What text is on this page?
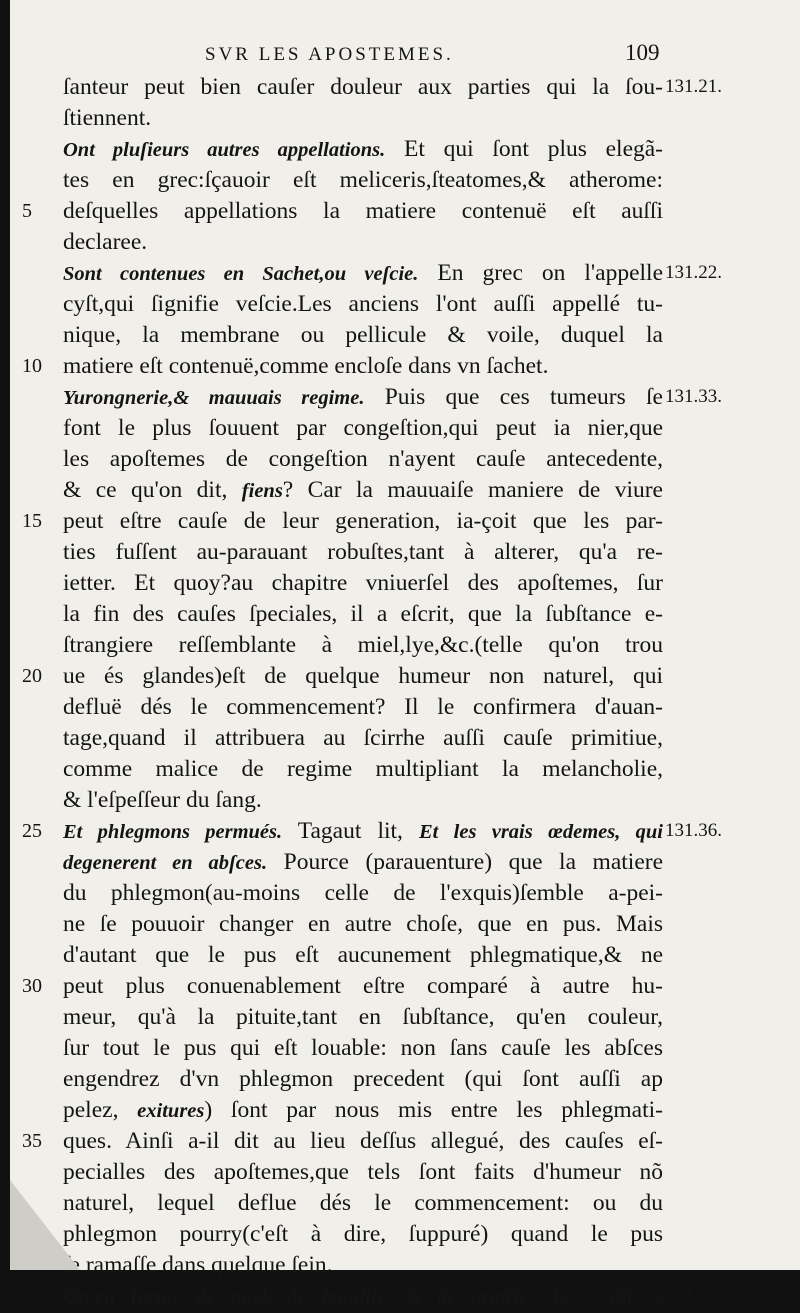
SVR LES APOSTEMES.	109
ſanteur peut bien cauſer douleur aux parties qui la ſou-
ſtiennent.
Ont pluſieurs autres appellations. Et qui ſont plus elegã-
tes en grec:ſçauoir eſt meliceris,ſteatomes,& atherome:
deſquelles appellations la matiere contenuë eſt auſſi
declaree.
Sont contenues en Sachet,ou veſcie. En grec on l'appelle
cyſt,qui ſignifie veſcie.Les anciens l'ont auſſi appellé tu-
nique, la membrane ou pellicule & voile, duquel la
matiere eſt contenuë,comme encloſe dans vn ſachet.
Yurongnerie,& mauuais regime. Puis que ces tumeurs ſe
font le plus ſouuent par congeſtion,qui peut ia nier,que
les apoſtemes de congeſtion n'ayent cauſe antecedente,
& ce qu'on dit, fiens? Car la mauuaiſe maniere de viure
peut eſtre cauſe de leur generation, ia-çoit que les par-
ties fuſſent au-parauant robuſtes,tant à alterer, qu'a re-
ietter. Et quoy?au chapitre vniuerſel des apoſtemes, ſur
la fin des cauſes ſpeciales, il a eſcrit, que la ſubſtance e-
ſtrangiere reſſemblante à miel,lye,&c.(telle qu'on trou
ue és glandes)eſt de quelque humeur non naturel, qui
defluë dés le commencement? Il le confirmera d'auan-
tage,quand il attribuera au ſcirrhe auſſi cauſe primitiue,
comme malice de regime multipliant la melancholie,
& l'eſpeſſeur du ſang.
Et phlegmons permués. Tagaut lit, Et les vrais œdemes, qui
degenerent en abſces. Pource (parauenture) que la matiere
du phlegmon(au-moins celle de l'exquis)ſemble a-pei-
ne ſe pouuoir changer en autre choſe, que en pus. Mais
d'autant que le pus eſt aucunement phlegmatique,& ne
peut plus conuenablement eſtre comparé à autre hu-
meur, qu'à la pituite,tant en ſubſtance, qu'en couleur,
ſur tout le pus qui eſt louable: non ſans cauſe les abſces
engendrez d'vn phlegmon precedent (qui ſont auſſi ap
pelez, exitures) ſont par nous mis entre les phlegmati-
ques. Ainſi a-il dit au lieu deſſus allegué, des cauſes eſ-
pecialles des apoſtemes,que tels ſont faits d'humeur nõ
naturel, lequel deflue dés le commencement: ou du
phlegmon pourry(c'eſt à dire, ſuppuré) quand le pus
ſe ramaſſe dans quelque ſein.
Qu'en forme de miel, de bouillie, & de graiſſe. Tels abſces
5
10
15
20
25
30
35
131.21.
131.22.
131.33.
131.36.
131.
